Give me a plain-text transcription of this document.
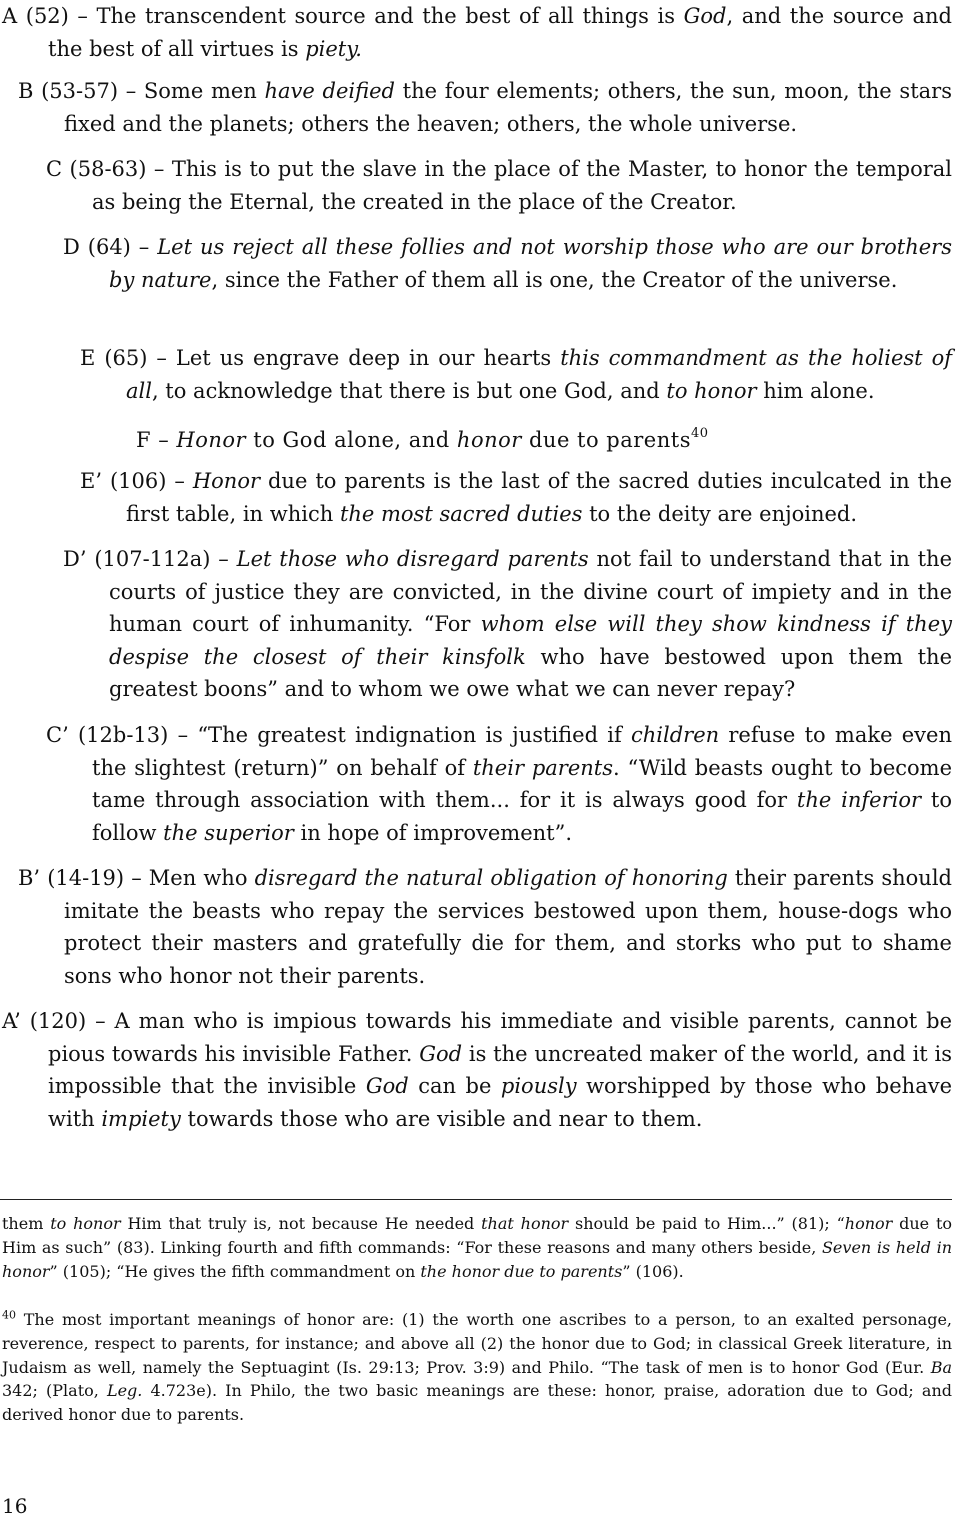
A (52) – The transcendent source and the best of all things is God, and the source and the best of all virtues is piety.

B (53-57) – Some men have deified the four elements; others, the sun, moon, the stars fixed and the planets; others the heaven; others, the whole universe.

C (58-63) – This is to put the slave in the place of the Master, to honor the temporal as being the Eternal, the created in the place of the Creator.

D (64) – Let us reject all these follies and not worship those who are our brothers by nature, since the Father of them all is one, the Creator of the universe.

E (65) – Let us engrave deep in our hearts this commandment as the holiest of all, to acknowledge that there is but one God, and to honor him alone.

F – Honor to God alone, and honor due to parents$^{40}$

E’ (106) – Honor due to parents is the last of the sacred duties inculcated in the first table, in which the most sacred duties to the deity are enjoined.

D’ (107-112a) – Let those who disregard parents not fail to understand that in the courts of justice they are convicted, in the divine court of impiety and in the human court of inhumanity. “For whom else will they show kindness if they despise the closest of their kinsfolk who have bestowed upon them the greatest boons” and to whom we owe what we can never repay?

C’ (12b-13) – “The greatest indignation is justified if children refuse to make even the slightest (return)” on behalf of their parents. “Wild beasts ought to become tame through association with them... for it is always good for the inferior to follow the superior in hope of improvement”.

B’ (14-19) – Men who disregard the natural obligation of honoring their parents should imitate the beasts who repay the services bestowed upon them, house-dogs who protect their masters and gratefully die for them, and storks who put to shame sons who honor not their parents.

A’ (120) – A man who is impious towards his immediate and visible parents, cannot be pious towards his invisible Father. God is the uncreated maker of the world, and it is impossible that the invisible God can be piously worshipped by those who behave with impiety towards those who are visible and near to them.

them to honor Him that truly is, not because He needed that honor should be paid to Him...” (81); “honor due to Him as such” (83). Linking fourth and fifth commands: “For these reasons and many others beside, Seven is held in honor” (105); “He gives the fifth commandment on the honor due to parents” (106).

$^{40}$ The most important meanings of honor are: (1) the worth one ascribes to a person, to an exalted personage, reverence, respect to parents, for instance; and above all (2) the honor due to God; in classical Greek literature, in Judaism as well, namely the Septuagint (Is. 29:13; Prov. 3:9) and Philo. “The task of men is to honor God (Eur. Ba 342; (Plato, Leg. 4.723e). In Philo, the two basic meanings are these: honor, praise, adoration due to God; and derived honor due to parents.

16
